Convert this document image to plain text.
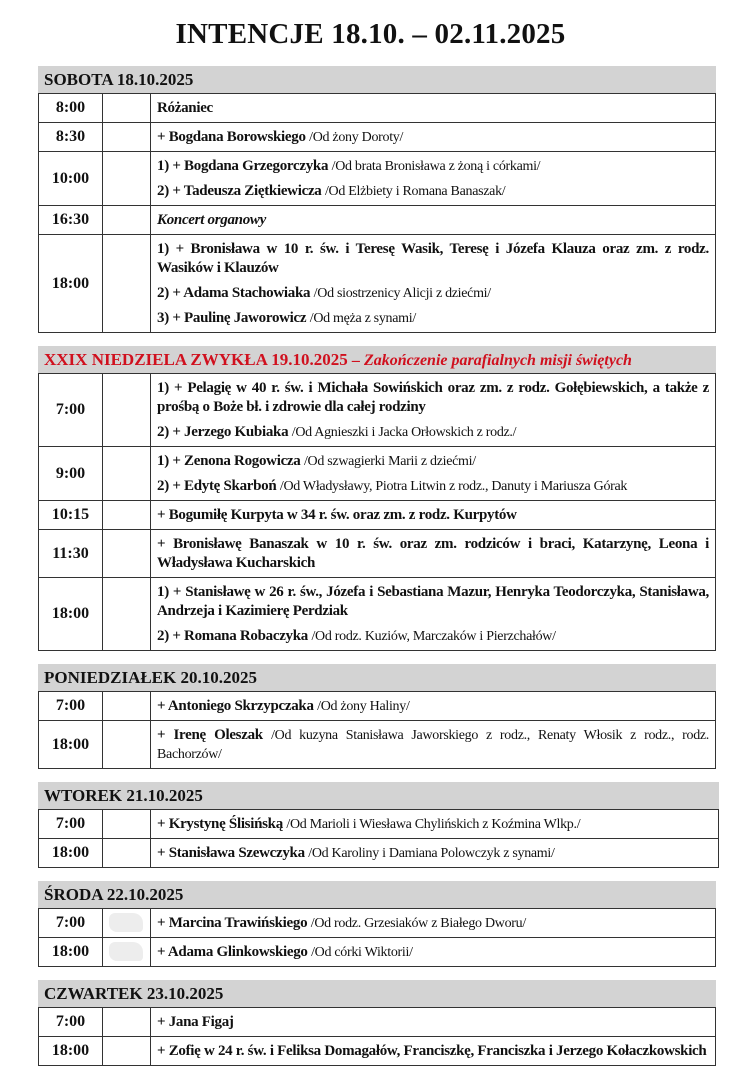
INTENCJE 18.10. – 02.11.2025
SOBOTA 18.10.2025
8:00		Różaniec

8:30		+ Bogdana Borowskiego /Od żony Doroty/

10:00		1) + Bogdana Grzegorczyka /Od brata Bronisława z żoną i córkami/
2) + Tadeusza Ziętkiewicza /Od Elżbiety i Romana Banaszak/

16:30		Koncert organowy

18:00		1) + Bronisława w 10 r. św. i Teresę Wasik, Teresę i Józefa Klauza oraz zm. z rodz. Wasików i Klauzów
2) + Adama Stachowiaka /Od siostrzenicy Alicji z dziećmi/
3) + Paulinę Jaworowicz /Od męża z synami/
XXIX NIEDZIELA ZWYKŁA 19.10.2025 – Zakończenie parafialnych misji świętych
7:00		1) + Pelagię w 40 r. św. i Michała Sowińskich oraz zm. z rodz. Gołębiewskich, a także z prośbą o Boże bł. i zdrowie dla całej rodziny
2) + Jerzego Kubiaka /Od Agnieszki i Jacka Orłowskich z rodz./

9:00		1) + Zenona Rogowicza /Od szwagierki Marii z dziećmi/
2) + Edytę Skarboń /Od Władysławy, Piotra Litwin z rodz., Danuty i Mariusza Górak

10:15		+ Bogumiłę Kurpyta w 34 r. św. oraz zm. z rodz. Kurpytów

11:30		+ Bronisławę Banaszak w 10 r. św. oraz zm. rodziców i braci, Katarzynę, Leona i Władysława Kucharskich

18:00		1) + Stanisławę w 26 r. św., Józefa i Sebastiana Mazur, Henryka Teodorczyka, Stanisława, Andrzeja i Kazimierę Perdziak
2) + Romana Robaczyka /Od rodz. Kuziów, Marczaków i Pierzchałów/
PONIEDZIAŁEK 20.10.2025
7:00		+ Antoniego Skrzypczaka /Od żony Haliny/

18:00		+ Irenę Oleszak /Od kuzyna Stanisława Jaworskiego z rodz., Renaty Włosik z rodz., rodz. Bachorzów/
WTOREK 21.10.2025
7:00		+ Krystynę Ślisińską /Od Marioli i Wiesława Chylińskich z Koźmina Wlkp./

18:00		+ Stanisława Szewczyka /Od Karoliny i Damiana Polowczyk z synami/
ŚRODA 22.10.2025
7:00		+ Marcina Trawińskiego /Od rodz. Grzesiaków z Białego Dworu/

18:00		+ Adama Glinkowskiego /Od córki Wiktorii/
CZWARTEK 23.10.2025
7:00		+ Jana Figaj

18:00		+ Zofię w 24 r. św. i Feliksa Domagałów, Franciszkę, Franciszka i Jerzego Kołaczkowskich
